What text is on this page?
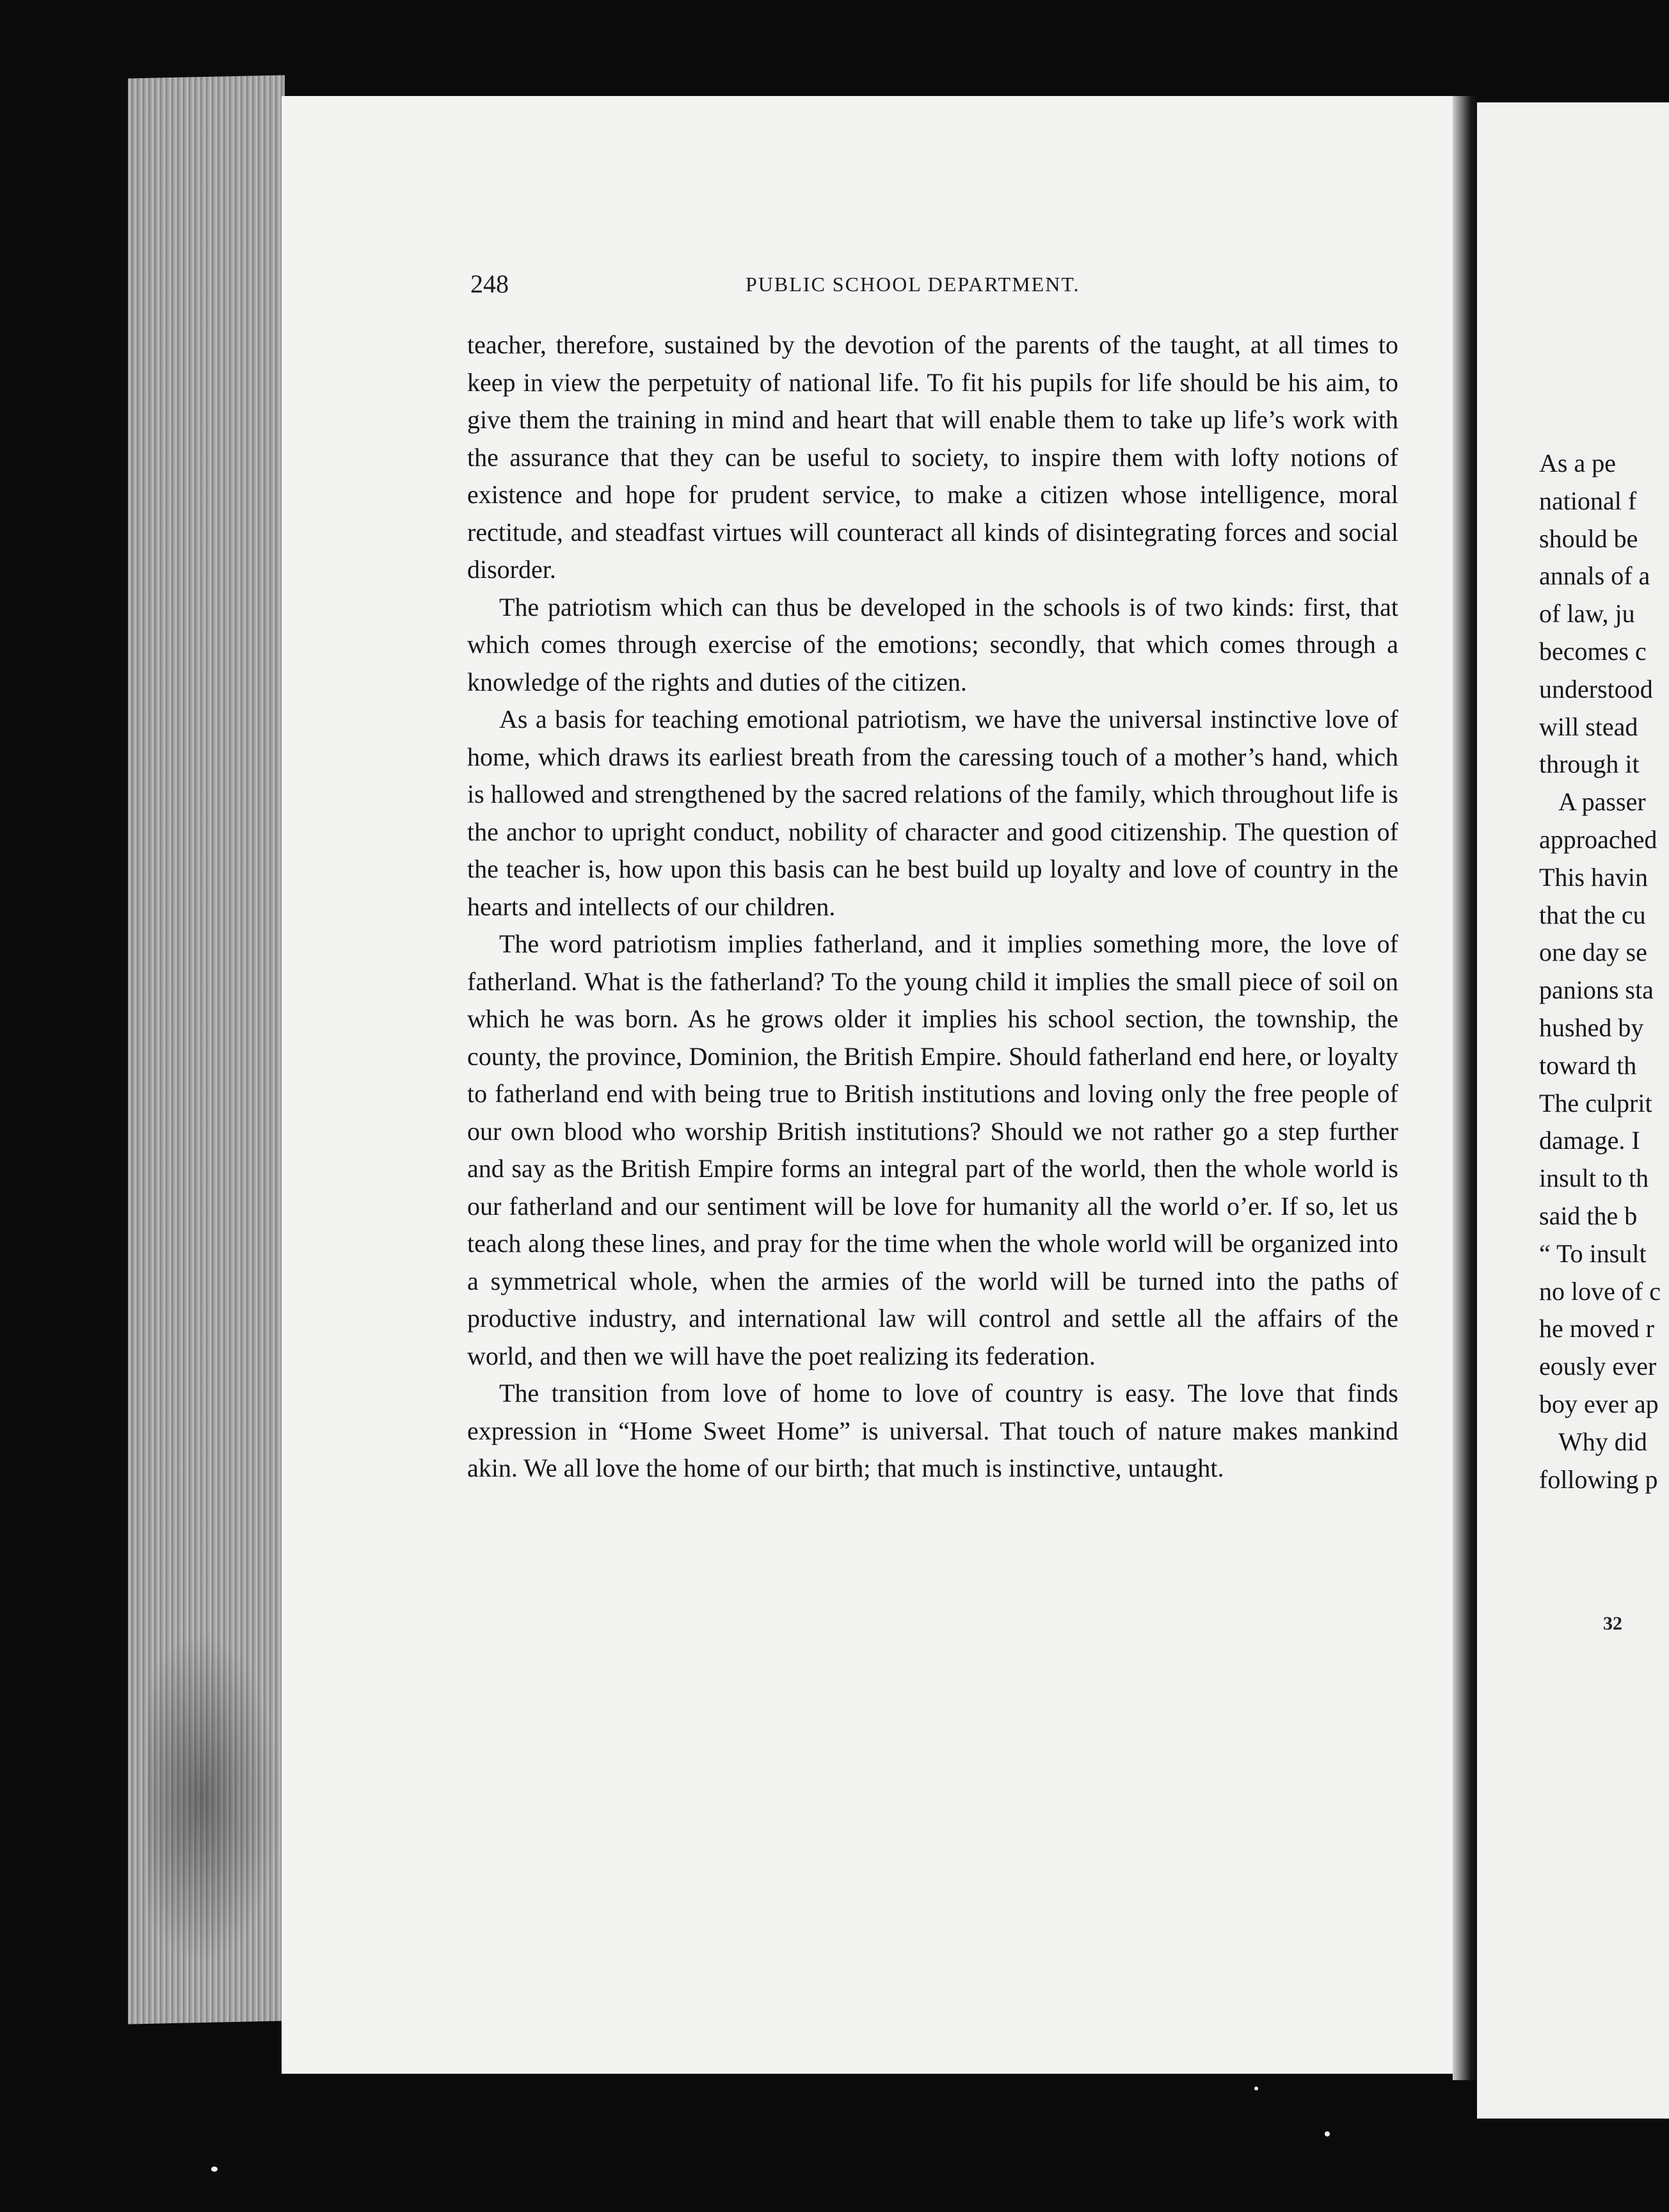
248	PUBLIC SCHOOL DEPARTMENT.

teacher, therefore, sustained by the devotion of the parents of the taught, at all times to keep in view the perpetuity of national life. To fit his pupils for life should be his aim, to give them the training in mind and heart that will enable them to take up life’s work with the assurance that they can be useful to society, to inspire them with lofty notions of existence and hope for prudent service, to make a citizen whose intelligence, moral rectitude, and steadfast virtues will counteract all kinds of disintegrating forces and social disorder.

The patriotism which can thus be developed in the schools is of two kinds: first, that which comes through exercise of the emotions; secondly, that which comes through a knowledge of the rights and duties of the citizen.

As a basis for teaching emotional patriotism, we have the universal instinctive love of home, which draws its earliest breath from the caressing touch of a mother’s hand, which is hallowed and strengthened by the sacred relations of the family, which throughout life is the anchor to upright conduct, nobility of character and good citizenship. The question of the teacher is, how upon this basis can he best build up loyalty and love of country in the hearts and intellects of our children.

The word patriotism implies fatherland, and it implies something more, the love of fatherland. What is the fatherland? To the young child it implies the small piece of soil on which he was born. As he grows older it implies his school section, the township, the county, the province, Dominion, the British Empire. Should fatherland end here, or loyalty to fatherland end with being true to British institutions and loving only the free people of our own blood who worship British institutions? Should we not rather go a step further and say as the British Empire forms an integral part of the world, then the whole world is our fatherland and our sentiment will be love for humanity all the world o’er. If so, let us teach along these lines, and pray for the time when the whole world will be organized into a symmetrical whole, when the armies of the world will be turned into the paths of productive industry, and international law will control and settle all the affairs of the world, and then we will have the poet realizing its federation.

The transition from love of home to love of country is easy. The love that finds expression in “Home Sweet Home” is universal. That touch of nature makes mankind akin. We all love the home of our birth; that much is instinctive, untaught.

As a pe
national f
should be
annals of a
of law, ju
becomes c
understood
will stead
through it
A passer
approached
This havin
that the cu
one day se
panions sta
hushed by
toward th
The culprit
damage. I
insult to th
said the b
“ To insult
no love of c
he moved r
eously ever
boy ever ap
Why did
following p
32
